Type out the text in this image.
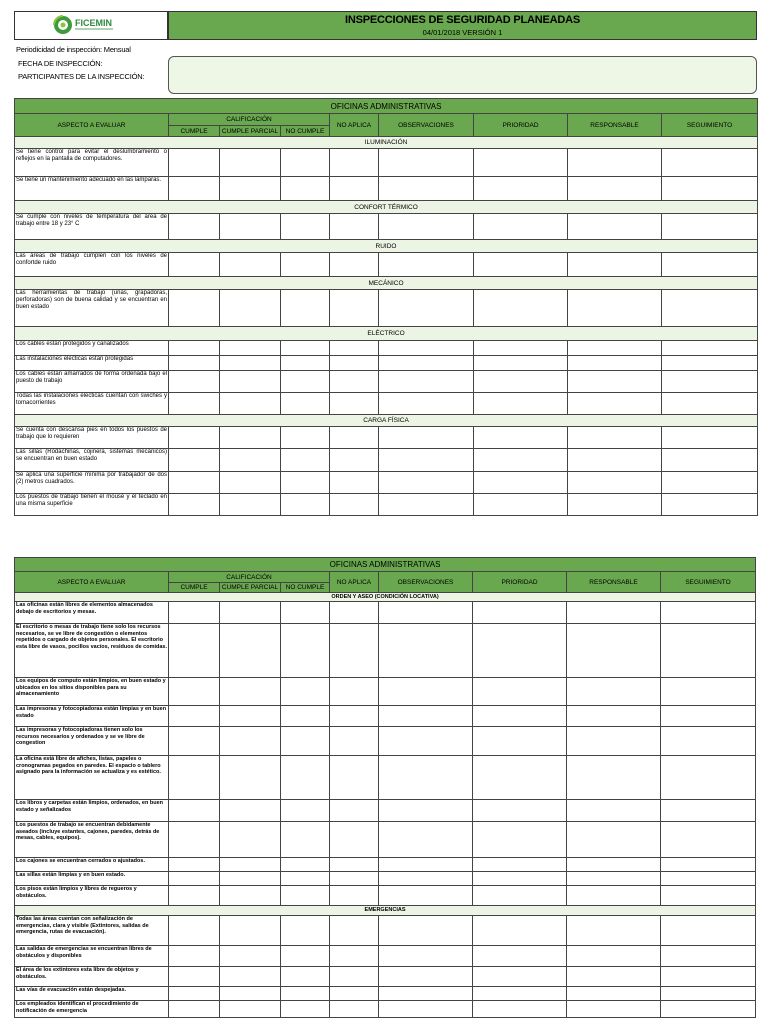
FICEMIN	INSPECCIONES DE SEGURIDAD PLANEADAS
04/01/2018 VERSIÓN 1
Periodicidad de inspección: Mensual
FECHA DE INSPECCIÓN:
PARTICIPANTES DE LA INSPECCIÓN:
OFICINAS ADMINISTRATIVAS								
ASPECTO A EVALUAR	CALIFICACIÓN			NO APLICA	OBSERVACIONES	PRIORIDAD	RESPONSABLE	SEGUIMIENTO
	CUMPLE	CUMPLE PARCIAL	NO CUMPLE					
ILUMINACIÓN								
Se tiene control para evitar el deslumbramiento o reflejos en la pantalla de computadores.								
Se tiene un mantenimiento adecuado en las lamparas.								
CONFORT TÉRMICO								
Se cumple con niveles de temperatura del área de trabajo entre 18 y 23° C								
RUIDO								
Las áreas de trabajo cumplen con los niveles de confortde ruido								
MECÁNICO								
Las herramientas de trabajo (uñas, grapadoras, perforadoras) son de buena calidad y se encuentran en buen estado								
ELÉCTRICO								
Los cables están protegidos y canalizados								
Las instalaciones electicas están protegidas								
Los cables están amarrados de forma ordenada bajo el puesto de trabajo								
Todas las instalaciones electicas cuentan con swiches y tomacorrientes								
CARGA FÍSICA								
Se cuenta con descansa pies en todos los puestos de trabajo que lo requieren								
Las sillas (Rodachinas, cojinera, sistemas mecánicos) se encuentran en buen estado								
Se aplica una superficie mínima por trabajador de dos (2) metros cuadrados.								
Los puestos de trabajo tienen el mouse y el teclado en una misma superficie								
OFICINAS ADMINISTRATIVAS								
ASPECTO A EVALUAR	CALIFICACIÓN			NO APLICA	OBSERVACIONES	PRIORIDAD	RESPONSABLE	SEGUIMIENTO
	CUMPLE	CUMPLE PARCIAL	NO CUMPLE					
ORDEN Y ASEO (CONDICIÓN LOCATIVA)								
Las oficinas están libres de elementos almacenados debajo de escritorios y mesas.								
El escritorio o mesas de trabajo tiene solo los recursos necesarios, se ve libre de congestión o elementos repetidos o cargado de objetos personales. El escritorio esta libre de vasos, pocillos vacíos, residuos de comidas.								
Los equipos de computo están limpios, en buen estado y ubicados en los sitios disponibles para su almacenamiento								
Las impresoras y fotocopiadoras están limpias y en buen estado								
Las impresoras y fotocopiadoras tienen solo los recursos necesarios y ordenados y se ve libre de congestion								
La oficina está libre de afiches, listas, papeles o cronogramas pegados en paredes. El espacio o tablero asignado para la información se actualiza y es estético.								
Los libros y carpetas están limpios, ordenados, en buen estado y señalizados								
Los puestos de trabajo se encuentran debidamente aseados (incluye estantes, cajones, paredes, detrás de mesas, cables, equipos).								
Los cajones se encuentran cerrados o ajustados.								
Las sillas están limpias y en buen estado.								
Los pisos están limpios y libres de regueros y obstáculos.								
EMERGENCIAS								
Todas las áreas cuentan con señalización de emergencias, clara y visible (Extintores, salidas de emergencia, rutas de evacuación).								
Las salidas de emergencias se encuentran libres de obstáculos y disponibles								
El área de los extintores esta libre de objetos y obstáculos.								
Las vías de evacuación están despejadas.								
Los empleados identifican el procedimiento de notificación de emergencia								
